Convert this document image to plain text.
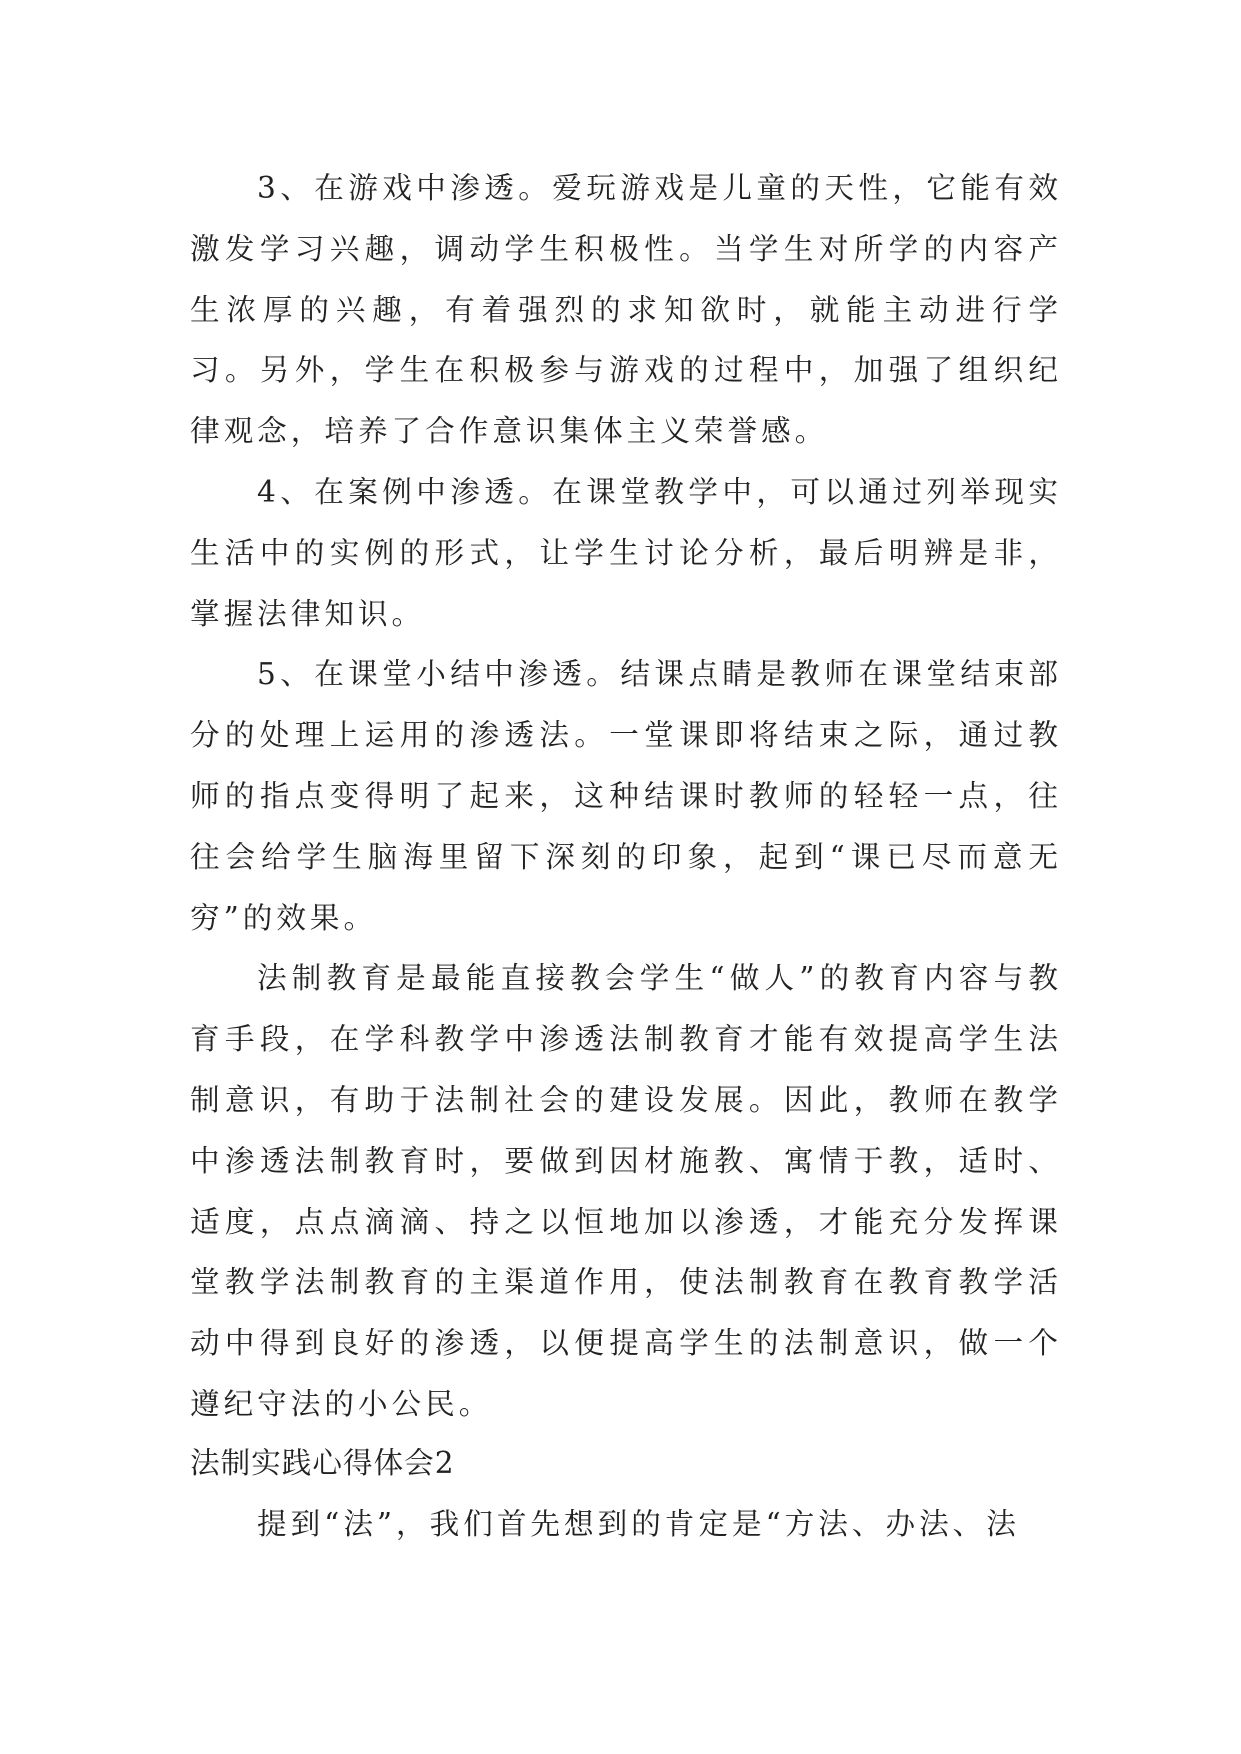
3、在游戏中渗透。爱玩游戏是儿童的天性，它能有效激发学习兴趣，调动学生积极性。当学生对所学的内容产生浓厚的兴趣，有着强烈的求知欲时，就能主动进行学习。另外，学生在积极参与游戏的过程中，加强了组织纪律观念，培养了合作意识集体主义荣誉感。

4、在案例中渗透。在课堂教学中，可以通过列举现实生活中的实例的形式，让学生讨论分析，最后明辨是非，掌握法律知识。

5、在课堂小结中渗透。结课点睛是教师在课堂结束部分的处理上运用的渗透法。一堂课即将结束之际，通过教师的指点变得明了起来，这种结课时教师的轻轻一点，往往会给学生脑海里留下深刻的印象，起到“课已尽而意无穷”的效果。

法制教育是最能直接教会学生“做人”的教育内容与教育手段，在学科教学中渗透法制教育才能有效提高学生法制意识，有助于法制社会的建设发展。因此，教师在教学中渗透法制教育时，要做到因材施教、寓情于教，适时、适度，点点滴滴、持之以恒地加以渗透，才能充分发挥课堂教学法制教育的主渠道作用，使法制教育在教育教学活动中得到良好的渗透，以便提高学生的法制意识，做一个遵纪守法的小公民。

法制实践心得体会2

提到“法”，我们首先想到的肯定是“方法、办法、法
